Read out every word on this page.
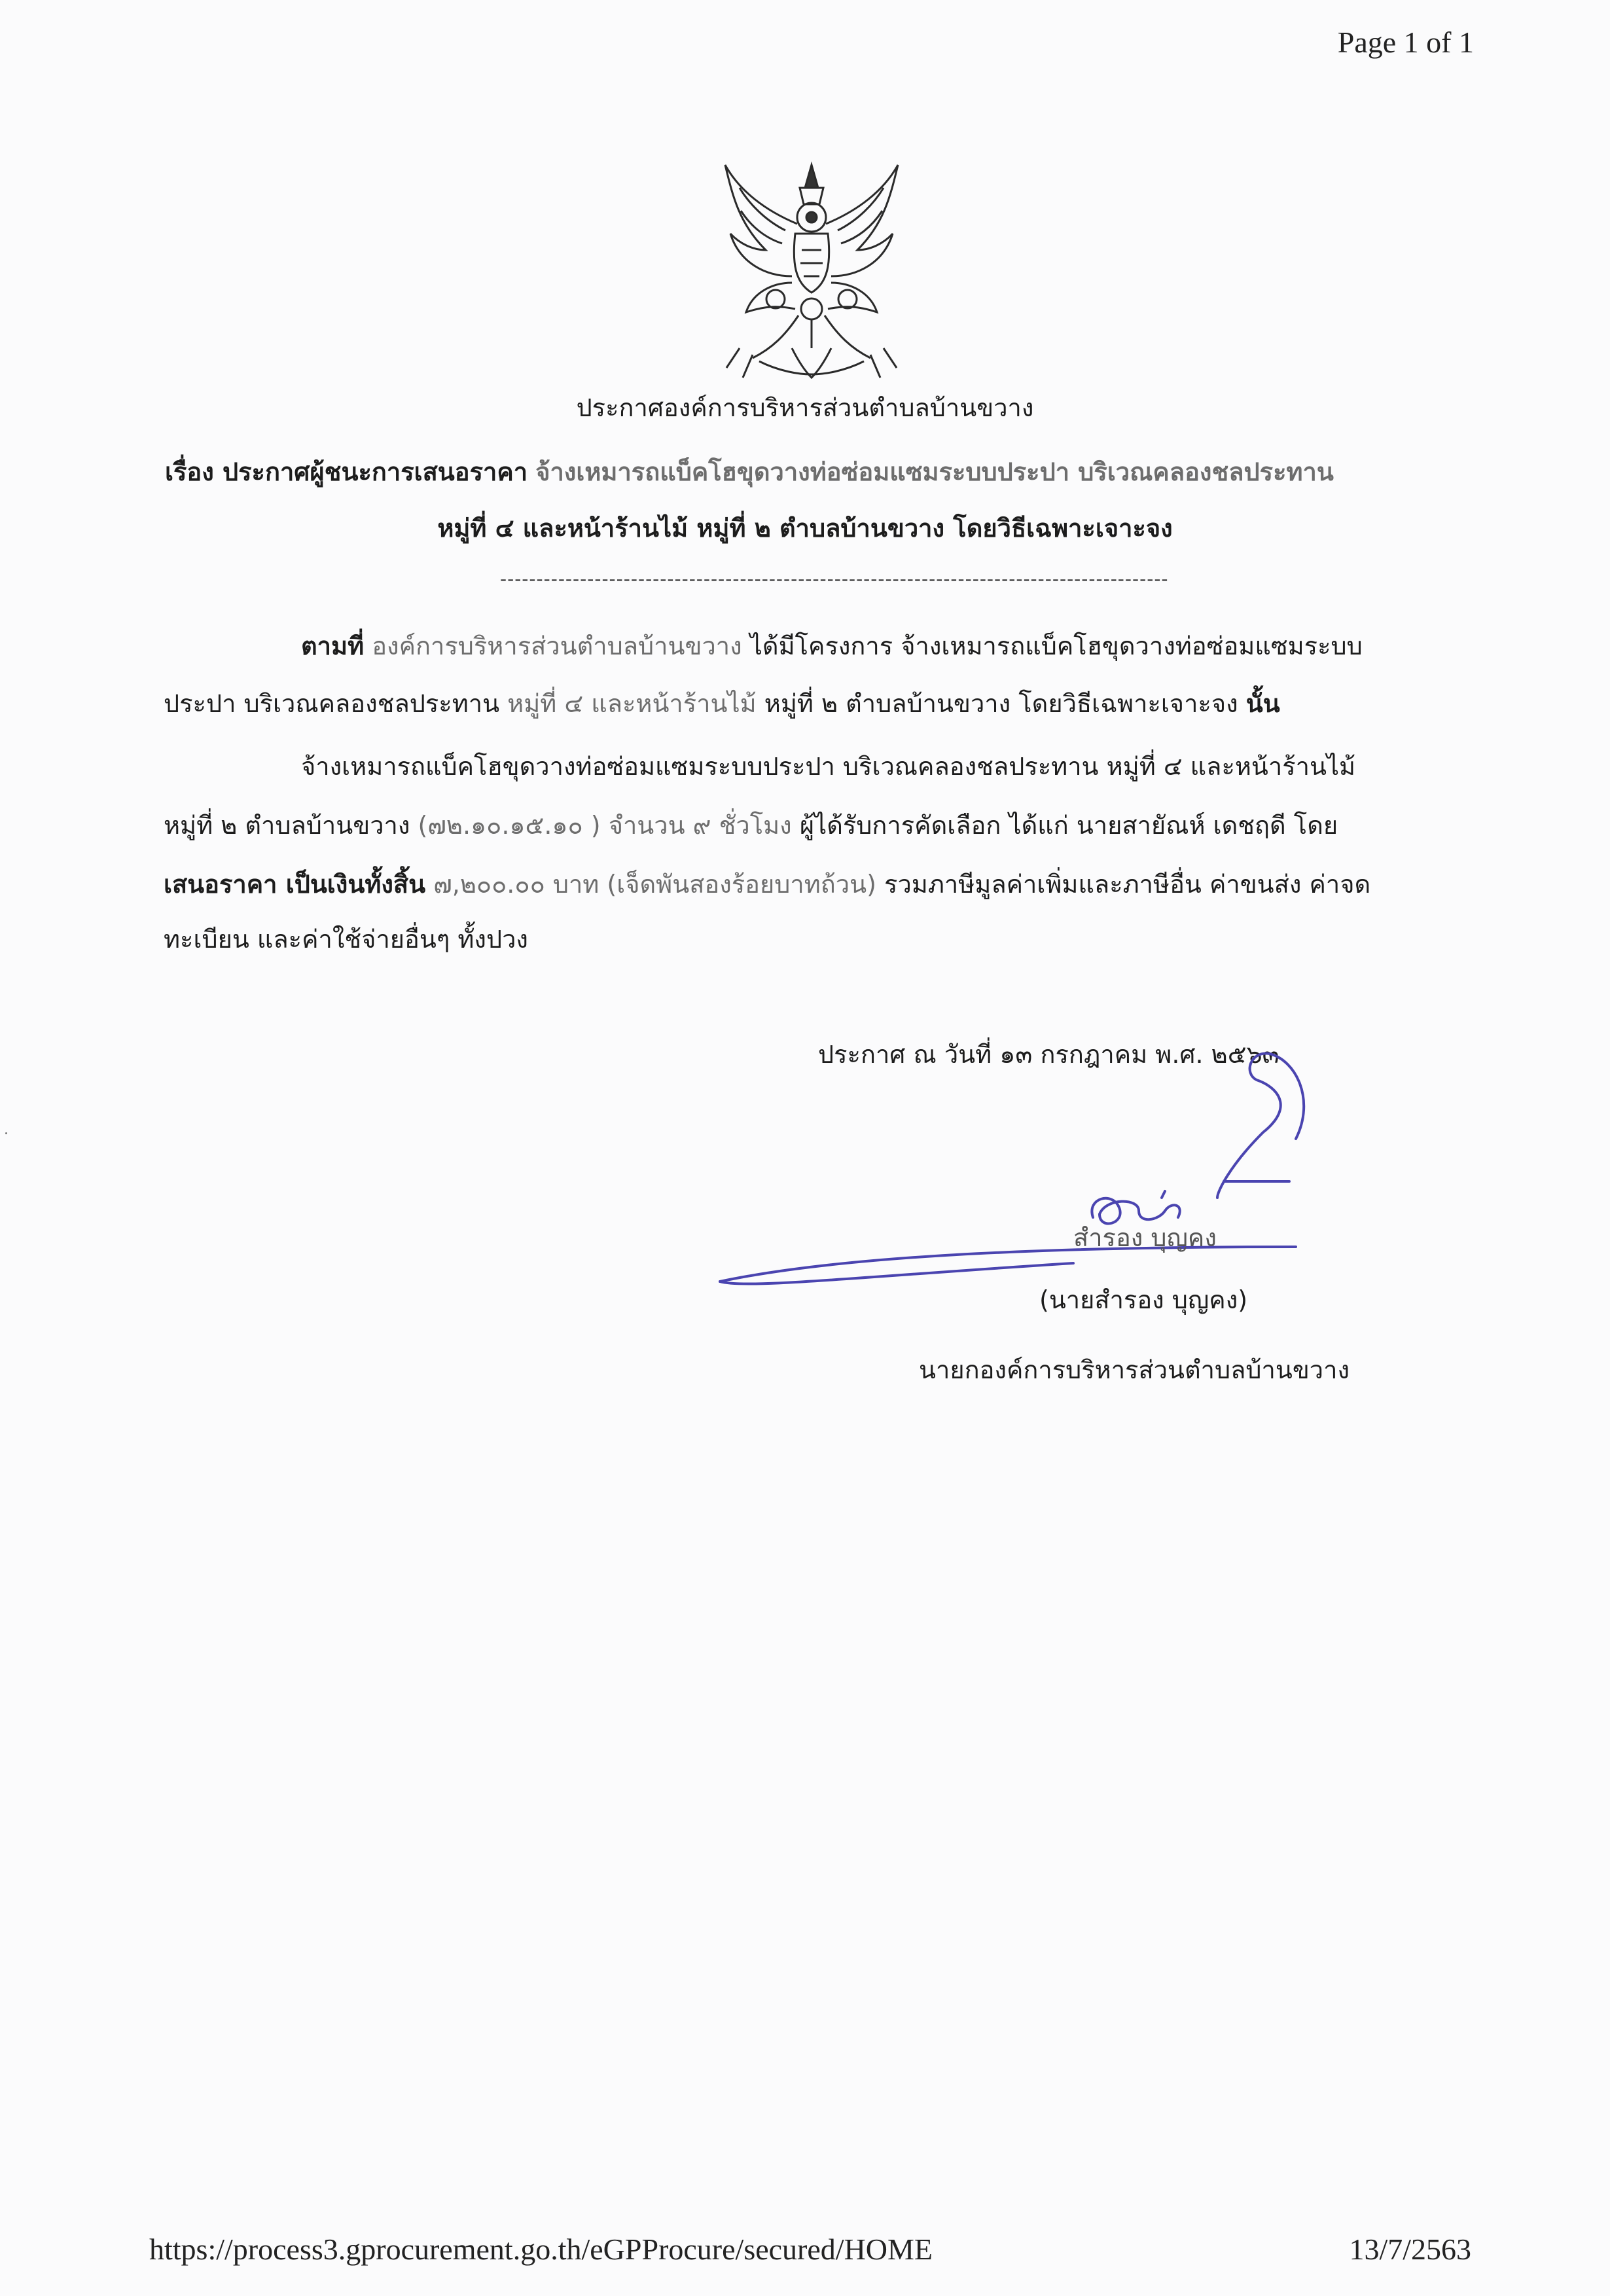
Page 1 of 1
ประกาศองค์การบริหารส่วนตำบลบ้านขวาง
เรื่อง ประกาศผู้ชนะการเสนอราคา จ้างเหมารถแบ็คโฮขุดวางท่อซ่อมแซมระบบประปา บริเวณคลองชลประทาน
หมู่ที่ ๔ และหน้าร้านไม้ หมู่ที่ ๒ ตำบลบ้านขวาง โดยวิธีเฉพาะเจาะจง
--------------------------------------------------------------------------------------------
ตามที่ องค์การบริหารส่วนตำบลบ้านขวาง ได้มีโครงการ จ้างเหมารถแบ็คโฮขุดวางท่อซ่อมแซมระบบ
ประปา บริเวณคลองชลประทาน หมู่ที่ ๔ และหน้าร้านไม้ หมู่ที่ ๒ ตำบลบ้านขวาง โดยวิธีเฉพาะเจาะจง นั้น
จ้างเหมารถแบ็คโฮขุดวางท่อซ่อมแซมระบบประปา บริเวณคลองชลประทาน หมู่ที่ ๔ และหน้าร้านไม้
หมู่ที่ ๒ ตำบลบ้านขวาง (๗๒.๑๐.๑๕.๑๐ ) จำนวน ๙ ชั่วโมง ผู้ได้รับการคัดเลือก ได้แก่ นายสายัณห์ เดชฤดี โดย
เสนอราคา เป็นเงินทั้งสิ้น ๗,๒๐๐.๐๐ บาท (เจ็ดพันสองร้อยบาทถ้วน) รวมภาษีมูลค่าเพิ่มและภาษีอื่น ค่าขนส่ง ค่าจด
ทะเบียน และค่าใช้จ่ายอื่นๆ ทั้งปวง
ประกาศ ณ วันที่ ๑๓ กรกฎาคม พ.ศ. ๒๕๖๓
สำรอง บุญคง
(นายสำรอง บุญคง)
นายกองค์การบริหารส่วนตำบลบ้านขวาง
https://process3.gprocurement.go.th/eGPProcure/secured/HOME	13/7/2563
